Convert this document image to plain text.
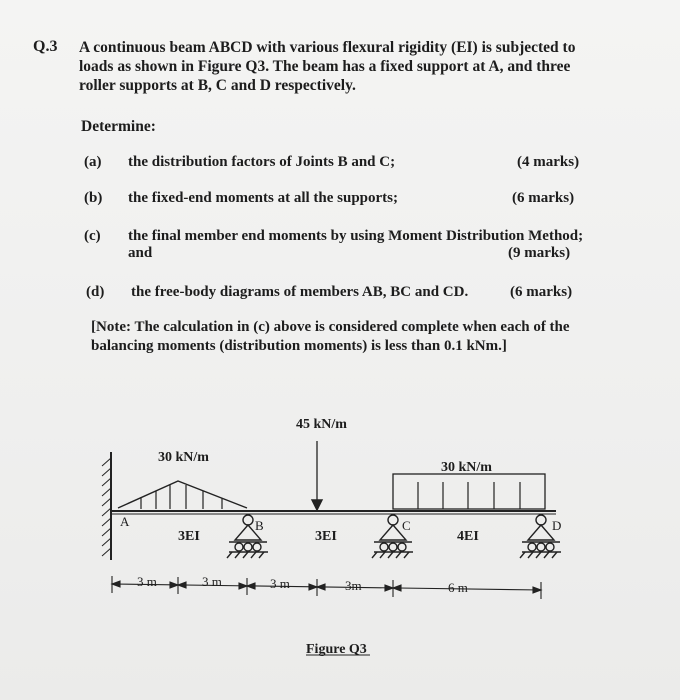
Q.3 A continuous beam ABCD with various flexural rigidity (EI) is subjected to loads as shown in Figure Q3. The beam has a fixed support at A, and three roller supports at B, C and D respectively.
Determine:
(a) the distribution factors of Joints B and C;	(4 marks)
(b) the fixed-end moments at all the supports;	(6 marks)
(c) the final member end moments by using Moment Distribution Method;
and	(9 marks)
(d) the free-body diagrams of members AB, BC and CD.	(6 marks)
[Note: The calculation in (c) above is considered complete when each of the balancing moments (distribution moments) is less than 0.1 kNm.]
45 kN/m
30 kN/m
30 kN/m
A	B	C	D
3EI	3EI	4EI
3 m	3 m	3 m	3m	6 m
Figure Q3
